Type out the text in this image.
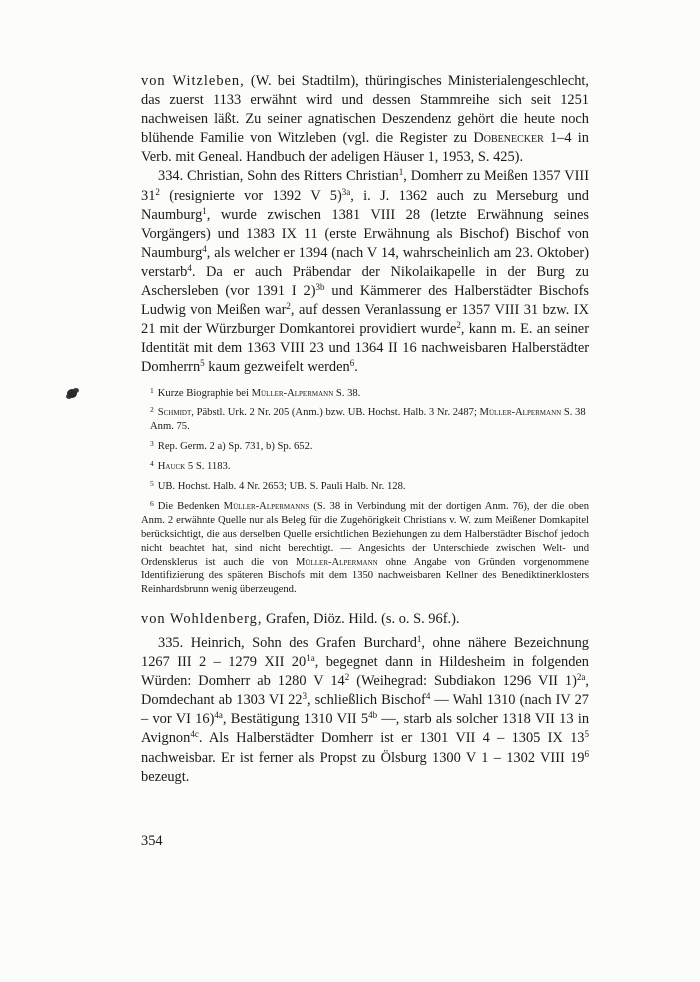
von Witzleben, (W. bei Stadtilm), thüringisches Ministerialengeschlecht, das zuerst 1133 erwähnt wird und dessen Stammreihe sich seit 1251 nachweisen läßt. Zu seiner agnatischen Deszendenz gehört die heute noch blühende Familie von Witzleben (vgl. die Register zu Dobenecker 1–4 in Verb. mit Geneal. Handbuch der adeligen Häuser 1, 1953, S. 425).

334. Christian, Sohn des Ritters Christian$^1$, Domherr zu Meißen 1357 VIII $31^2$ (resignierte vor 1392 V 5)$^{3a}$, i. J. 1362 auch zu Merseburg und Naumburg$^1$, wurde zwischen 1381 VIII 28 (letzte Erwähnung seines Vorgängers) und 1383 IX 11 (erste Erwähnung als Bischof) Bischof von Naumburg$^4$, als welcher er 1394 (nach V 14, wahrscheinlich am 23. Oktober) verstarb$^4$. Da er auch Präbendar der Nikolaikapelle in der Burg zu Aschersleben (vor 1391 I 2)$^{3b}$ und Kämmerer des Halberstädter Bischofs Ludwig von Meißen war$^2$, auf dessen Veranlassung er 1357 VIII 31 bzw. IX 21 mit der Würzburger Domkantorei providiert wurde$^2$, kann m. E. an seiner Identität mit dem 1363 VIII 23 und 1364 II 16 nachweisbaren Halberstädter Domherrn$^5$ kaum gezweifelt werden$^6$.

$^1$ Kurze Biographie bei Müller-Alpermann S. 38.

$^2$ Schmidt, Päbstl. Urk. 2 Nr. 205 (Anm.) bzw. UB. Hochst. Halb. 3 Nr. 2487; Müller-Alpermann S. 38 Anm. 75.

$^3$ Rep. Germ. 2 a) Sp. 731, b) Sp. 652.

$^4$ Hauck 5 S. 1183.

$^5$ UB. Hochst. Halb. 4 Nr. 2653; UB. S. Pauli Halb. Nr. 128.

$^6$ Die Bedenken Müller-Alpermanns (S. 38 in Verbindung mit der dortigen Anm. 76), der die oben Anm. 2 erwähnte Quelle nur als Beleg für die Zugehörigkeit Christians v. W. zum Meißener Domkapitel berücksichtigt, die aus derselben Quelle ersichtlichen Beziehungen zu dem Halberstädter Bischof jedoch nicht beachtet hat, sind nicht berechtigt. — Angesichts der Unterschiede zwischen Welt- und Ordensklerus ist auch die von Müller-Alpermann ohne Angabe von Gründen vorgenommene Identifizierung des späteren Bischofs mit dem 1350 nachweisbaren Kellner des Benediktinerklosters Reinhardsbrunn wenig überzeugend.

von Wohldenberg, Grafen, Diöz. Hild. (s. o. S. 96f.).

335. Heinrich, Sohn des Grafen Burchard$^1$, ohne nähere Bezeichnung 1267 III 2 – 1279 XII $20^{1a}$, begegnet dann in Hildesheim in folgenden Würden: Domherr ab 1280 V $14^2$ (Weihegrad: Subdiakon 1296 VII 1)$^{2a}$, Domdechant ab 1303 VI $22^3$, schließlich Bischof$^4$ — Wahl 1310 (nach IV 27 – vor VI 16)$^{4a}$, Bestätigung 1310 VII $5^{4b}$ —, starb als solcher 1318 VII 13 in Avignon$^{4c}$. Als Halberstädter Domherr ist er 1301 VII 4 – 1305 IX $13^5$ nachweisbar. Er ist ferner als Propst zu Ölsburg 1300 V 1 – 1302 VIII $19^6$ bezeugt.

354
